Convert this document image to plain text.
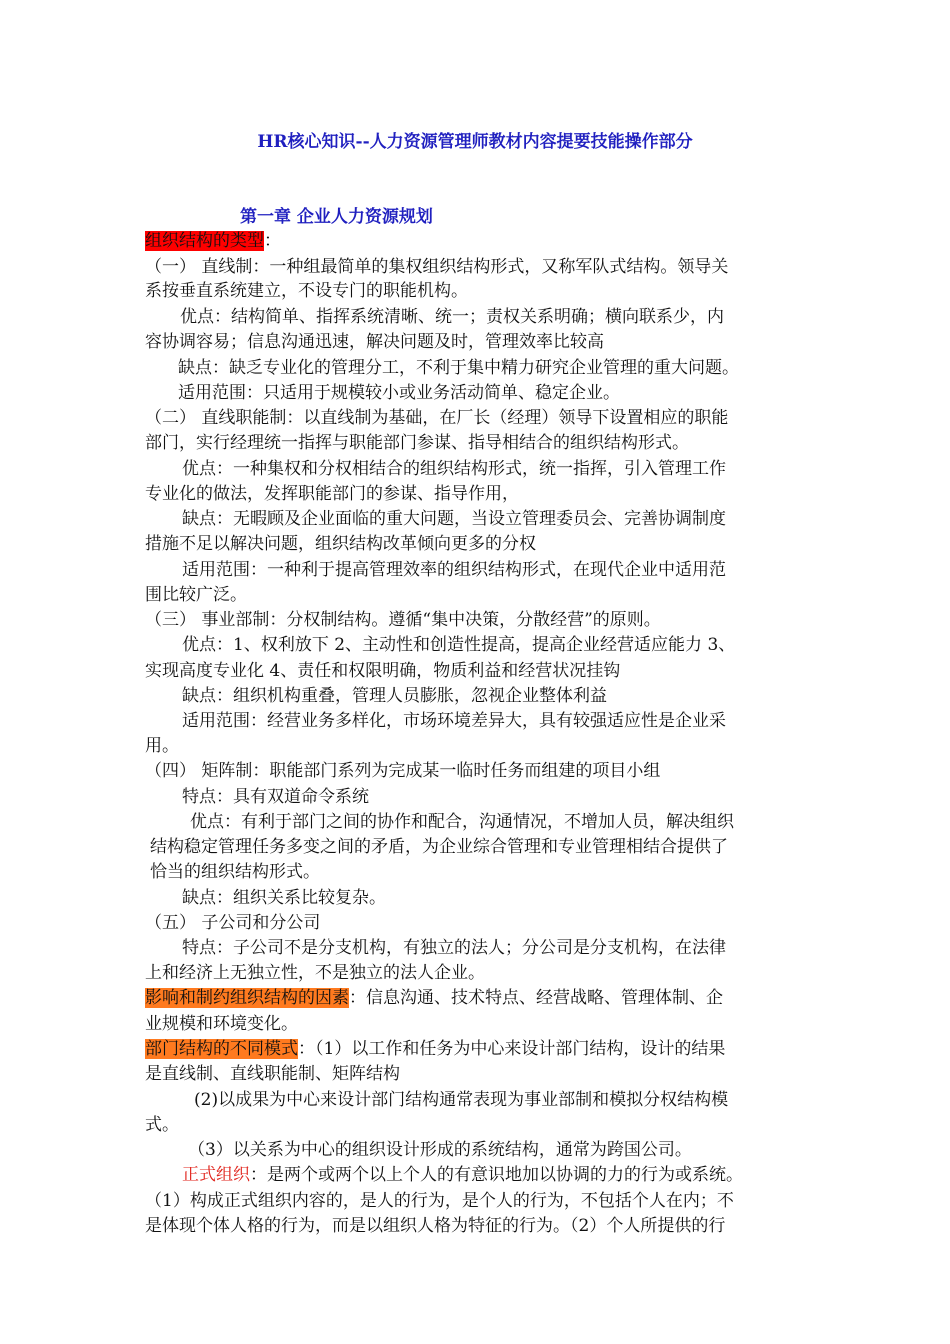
HR核心知识--人力资源管理师教材内容提要技能操作部分
第一章 企业人力资源规划
组织结构的类型：
（一） 直线制：一种组最简单的集权组织结构形式，又称军队式结构。领导关
系按垂直系统建立，不设专门的职能机构。
优点：结构简单、指挥系统清晰、统一；责权关系明确；横向联系少，内
容协调容易；信息沟通迅速，解决问题及时，管理效率比较高
缺点：缺乏专业化的管理分工，不利于集中精力研究企业管理的重大问题。
适用范围：只适用于规模较小或业务活动简单、稳定企业。
（二） 直线职能制：以直线制为基础，在厂长（经理）领导下设置相应的职能
部门，实行经理统一指挥与职能部门参谋、指导相结合的组织结构形式。
优点：一种集权和分权相结合的组织结构形式，统一指挥，引入管理工作
专业化的做法，发挥职能部门的参谋、指导作用，
缺点：无暇顾及企业面临的重大问题，当设立管理委员会、完善协调制度
措施不足以解决问题，组织结构改革倾向更多的分权
适用范围：一种利于提高管理效率的组织结构形式，在现代企业中适用范
围比较广泛。
（三） 事业部制：分权制结构。遵循“集中决策，分散经营”的原则。
优点：1、权利放下 2、主动性和创造性提高，提高企业经营适应能力 3、
实现高度专业化 4、责任和权限明确，物质利益和经营状况挂钩
缺点：组织机构重叠，管理人员膨胀，忽视企业整体利益
适用范围：经营业务多样化，市场环境差异大，具有较强适应性是企业采
用。
（四） 矩阵制：职能部门系列为完成某一临时任务而组建的项目小组
特点：具有双道命令系统
优点：有利于部门之间的协作和配合，沟通情况，不增加人员，解决组织
结构稳定管理任务多变之间的矛盾，为企业综合管理和专业管理相结合提供了
恰当的组织结构形式。
缺点：组织关系比较复杂。
（五） 子公司和分公司
特点：子公司不是分支机构，有独立的法人；分公司是分支机构，在法律
上和经济上无独立性，不是独立的法人企业。
影响和制约组织结构的因素：信息沟通、技术特点、经营战略、管理体制、企
业规模和环境变化。
部门结构的不同模式：（1）以工作和任务为中心来设计部门结构，设计的结果
是直线制、直线职能制、矩阵结构
(2)以成果为中心来设计部门结构通常表现为事业部制和模拟分权结构模
式。
（3）以关系为中心的组织设计形成的系统结构，通常为跨国公司。
正式组织：是两个或两个以上个人的有意识地加以协调的力的行为或系统。
（1）构成正式组织内容的，是人的行为，是个人的行为，不包括个人在内；不
是体现个体人格的行为，而是以组织人格为特征的行为。（2）个人所提供的行
